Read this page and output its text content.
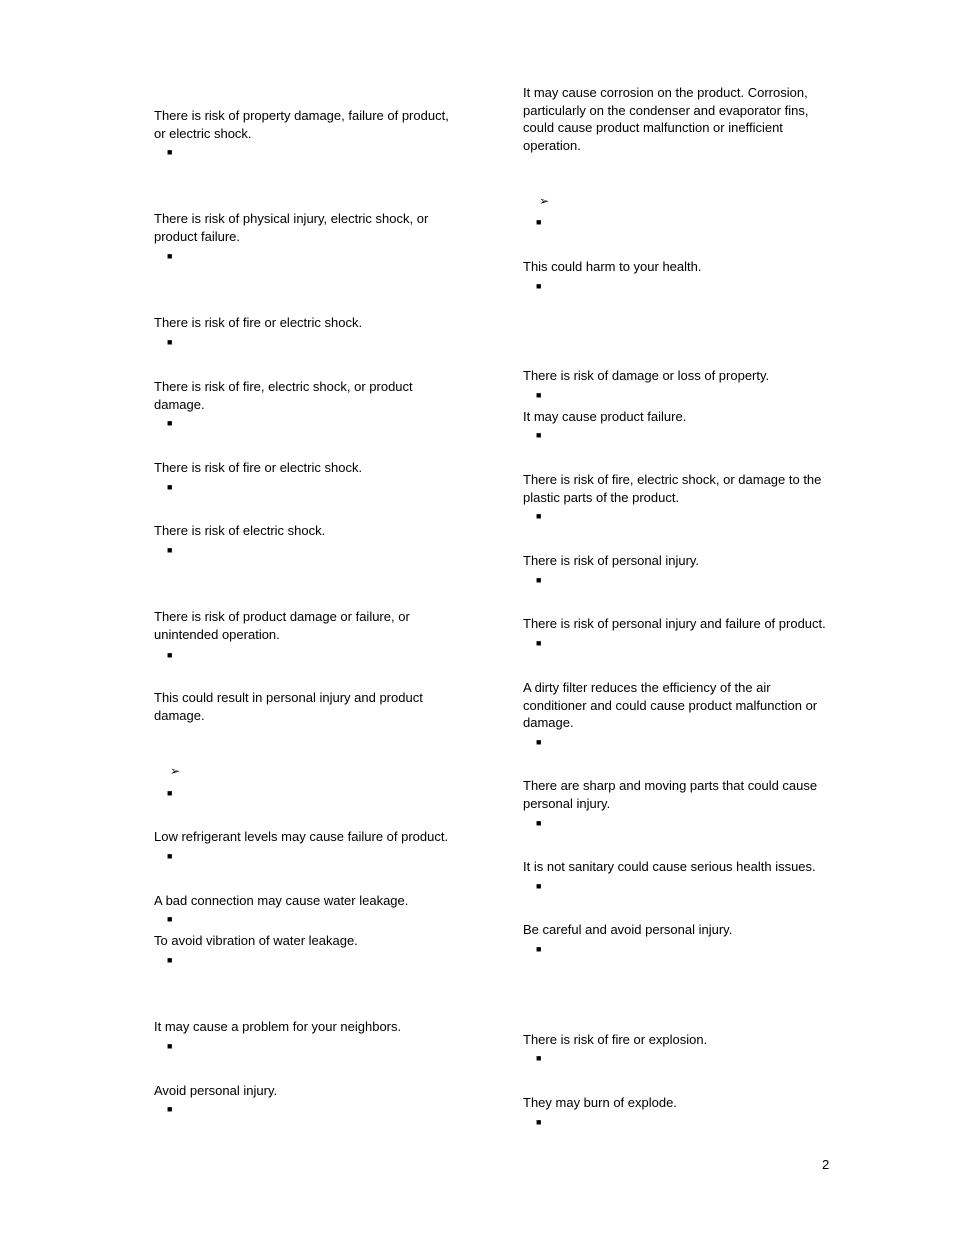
There is risk of property damage, failure of product,
or electric shock.
■
There is risk of physical injury, electric shock, or
product failure.
■
There is risk of fire or electric shock.
■
There is risk of fire, electric shock, or product
damage.
■
There is risk of fire or electric shock.
■
There is risk of electric shock.
■
There is risk of product damage or failure, or
unintended operation.
■
This could result in personal injury and product
damage.
➢
■
Low refrigerant levels may cause failure of product.
■
A bad connection may cause water leakage.
■
To avoid vibration of water leakage.
■
It may cause a problem for your neighbors.
■
Avoid personal injury.
■
It may cause corrosion on the product. Corrosion,
particularly on the condenser and evaporator fins,
could cause product malfunction or inefficient
operation.
➢
■
This could harm to your health.
■
There is risk of damage or loss of property.
■
It may cause product failure.
■
There is risk of fire, electric shock, or damage to the
plastic parts of the product.
■
There is risk of personal injury.
■
There is risk of personal injury and failure of product.
■
A dirty filter reduces the efficiency of the air
conditioner and could cause product malfunction or
damage.
■
There are sharp and moving parts that could cause
personal injury.
■
It is not sanitary could cause serious health issues.
■
Be careful and avoid personal injury.
■
There is risk of fire or explosion.
■
They may burn of explode.
■
2
